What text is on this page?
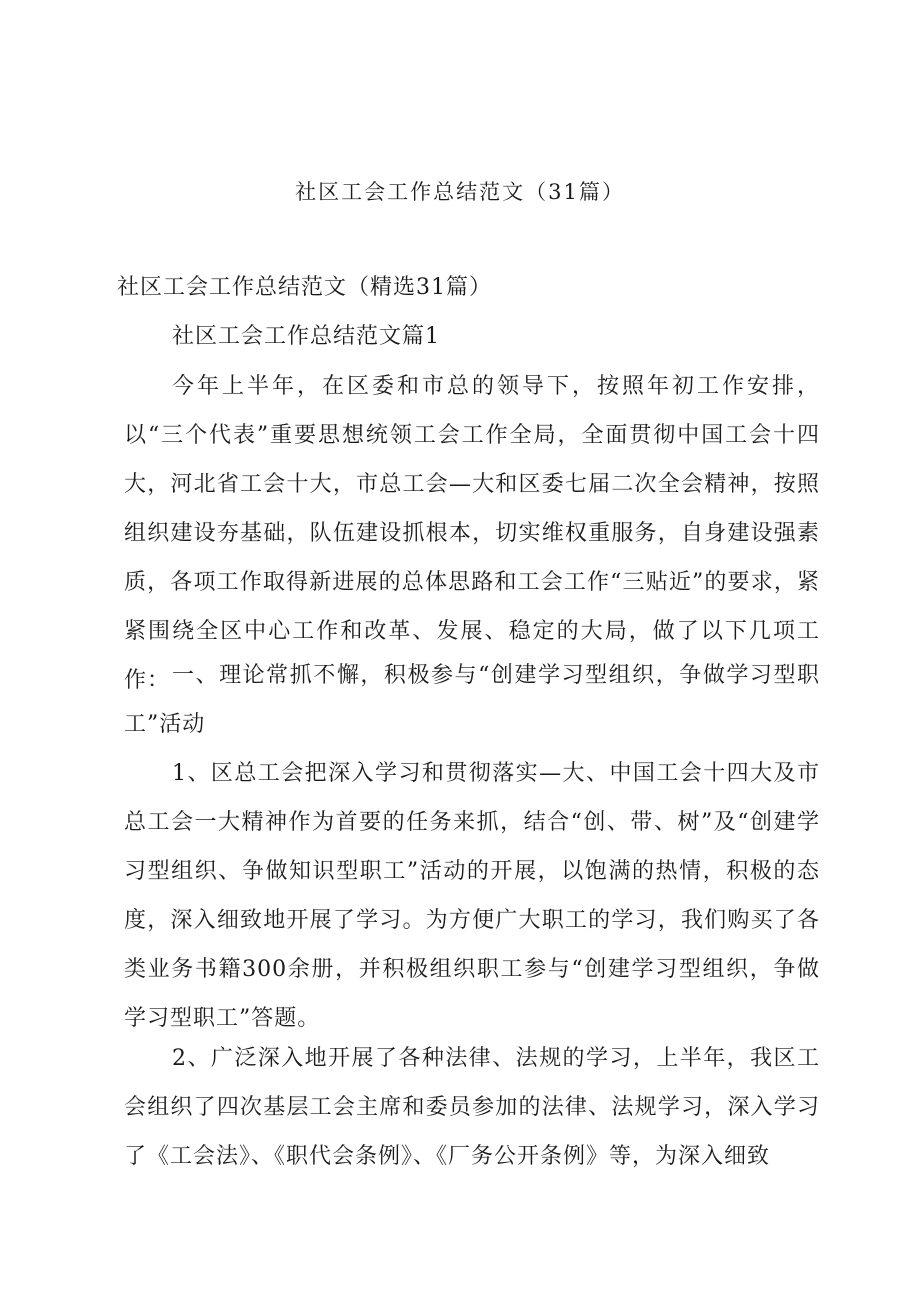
社区工会工作总结范文（31篇）

社区工会工作总结范文（精选31篇）

社区工会工作总结范文篇1

今年上半年，在区委和市总的领导下，按照年初工作安排，以“三个代表”重要思想统领工会工作全局，全面贯彻中国工会十四大，河北省工会十大，市总工会—大和区委七届二次全会精神，按照组织建设夯基础，队伍建设抓根本，切实维权重服务，自身建设强素质，各项工作取得新进展的总体思路和工会工作“三贴近”的要求，紧紧围绕全区中心工作和改革、发展、稳定的大局，做了以下几项工作： 一、理论常抓不懈，积极参与“创建学习型组织，争做学习型职工”活动

1、区总工会把深入学习和贯彻落实—大、中国工会十四大及市总工会一大精神作为首要的任务来抓，结合“创、带、树”及“创建学习型组织、争做知识型职工”活动的开展，以饱满的热情，积极的态度，深入细致地开展了学习。为方便广大职工的学习，我们购买了各类业务书籍300余册，并积极组织职工参与“创建学习型组织，争做学习型职工”答题。

2、广泛深入地开展了各种法律、法规的学习，上半年，我区工会组织了四次基层工会主席和委员参加的法律、法规学习，深入学习了《工会法》、《职代会条例》、《厂务公开条例》等，为深入细致
